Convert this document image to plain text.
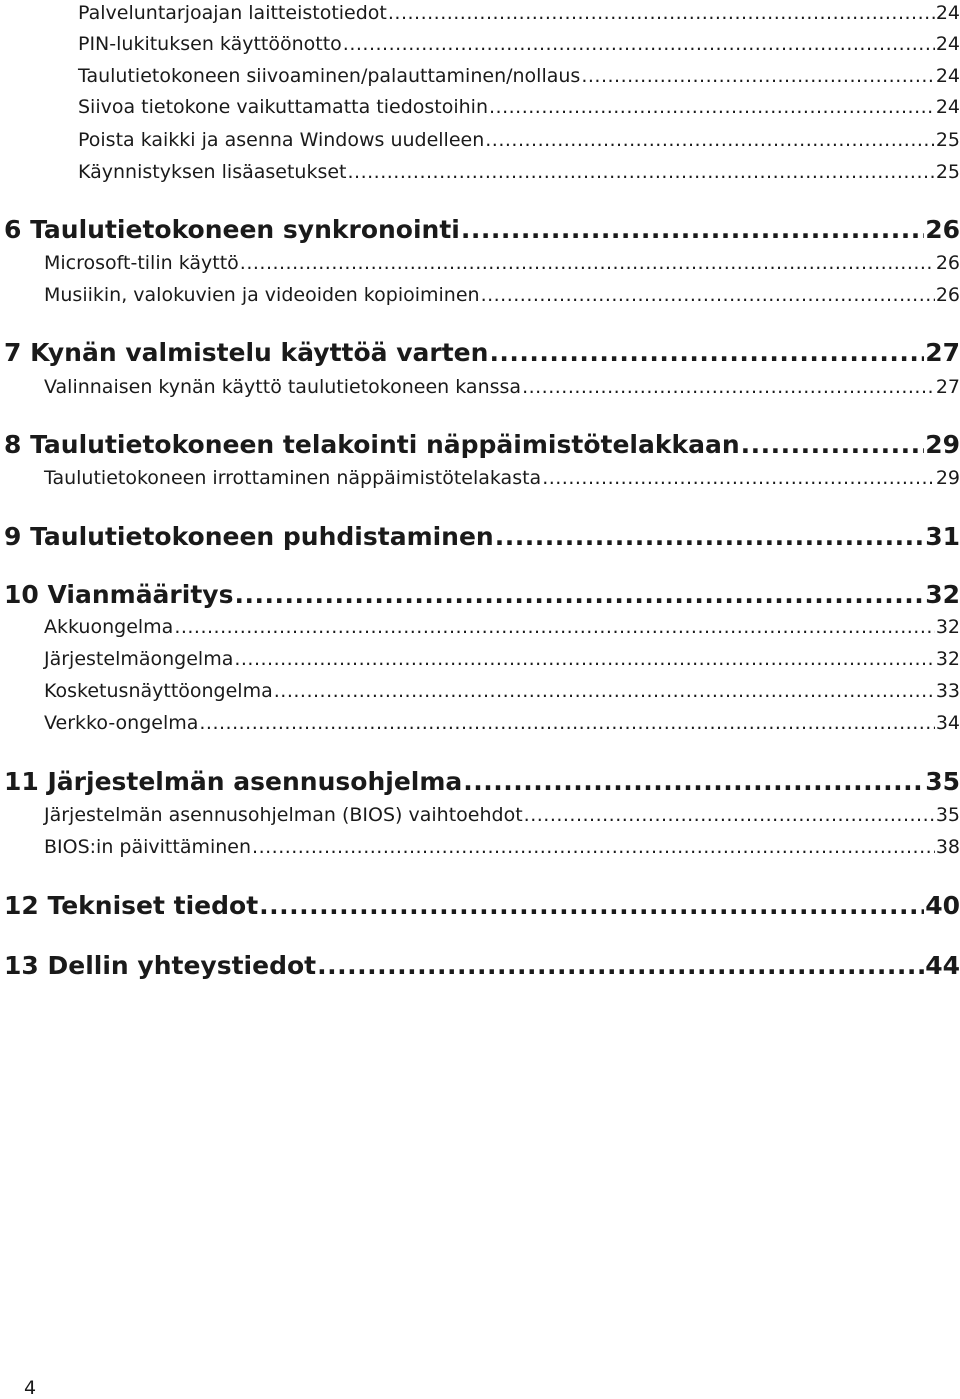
Palveluntarjoajan laitteistotiedot .....	24
PIN-lukituksen käyttöönotto .....	24
Taulutietokoneen siivoaminen/palauttaminen/nollaus .....	24
Siivoa tietokone vaikuttamatta tiedostoihin .....	24
Poista kaikki ja asenna Windows uudelleen .....	25
Käynnistyksen lisäasetukset .....	25
6 Taulutietokoneen synkronointi .....	26
Microsoft-tilin käyttö .....	26
Musiikin, valokuvien ja videoiden kopioiminen .....	26
7 Kynän valmistelu käyttöä varten .....	27
Valinnaisen kynän käyttö taulutietokoneen kanssa .....	27
8 Taulutietokoneen telakointi näppäimistötelakkaan .....	29
Taulutietokoneen irrottaminen näppäimistötelakasta .....	29
9 Taulutietokoneen puhdistaminen .....	31
10 Vianmääritys .....	32
Akkuongelma .....	32
Järjestelmäongelma .....	32
Kosketusnäyttöongelma .....	33
Verkko-ongelma .....	34
11 Järjestelmän asennusohjelma .....	35
Järjestelmän asennusohjelman (BIOS) vaihtoehdot .....	35
BIOS:in päivittäminen .....	38
12 Tekniset tiedot .....	40
13 Dellin yhteystiedot .....	44
4
